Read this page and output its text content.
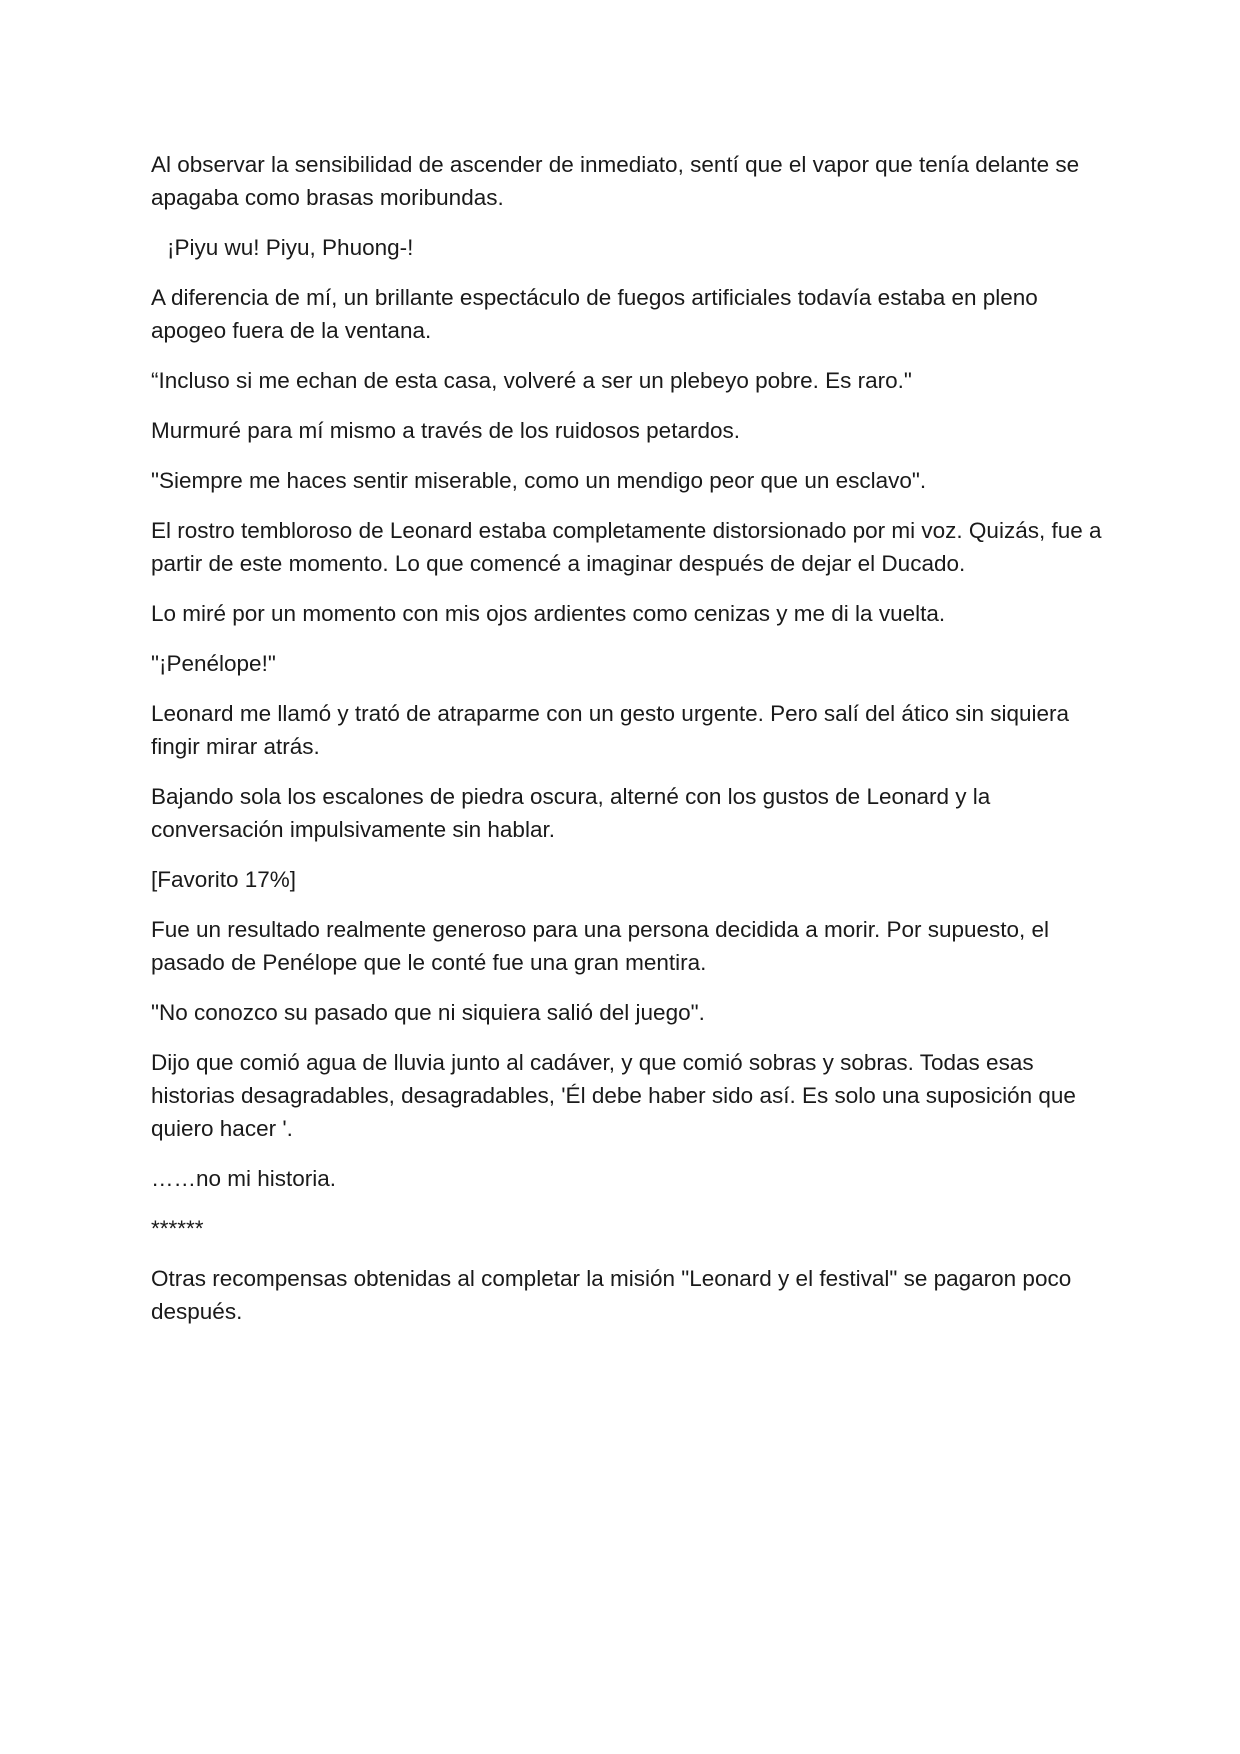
Al observar la sensibilidad de ascender de inmediato, sentí que el vapor que tenía delante se apagaba como brasas moribundas.

¡Piyu wu! Piyu, Phuong-!

A diferencia de mí, un brillante espectáculo de fuegos artificiales todavía estaba en pleno apogeo fuera de la ventana.

“Incluso si me echan de esta casa, volveré a ser un plebeyo pobre. Es raro."

Murmuré para mí mismo a través de los ruidosos petardos.

"Siempre me haces sentir miserable, como un mendigo peor que un esclavo".

El rostro tembloroso de Leonard estaba completamente distorsionado por mi voz. Quizás, fue a partir de este momento. Lo que comencé a imaginar después de dejar el Ducado.

Lo miré por un momento con mis ojos ardientes como cenizas y me di la vuelta.

"¡Penélope!"

Leonard me llamó y trató de atraparme con un gesto urgente. Pero salí del ático sin siquiera fingir mirar atrás.

Bajando sola los escalones de piedra oscura, alterné con los gustos de Leonard y la conversación impulsivamente sin hablar.

[Favorito 17%]

Fue un resultado realmente generoso para una persona decidida a morir. Por supuesto, el pasado de Penélope que le conté fue una gran mentira.

"No conozco su pasado que ni siquiera salió del juego".

Dijo que comió agua de lluvia junto al cadáver, y que comió sobras y sobras. Todas esas historias desagradables, desagradables, 'Él debe haber sido así. Es solo una suposición que quiero hacer '.

……no mi historia.

******

Otras recompensas obtenidas al completar la misión "Leonard y el festival" se pagaron poco después.
